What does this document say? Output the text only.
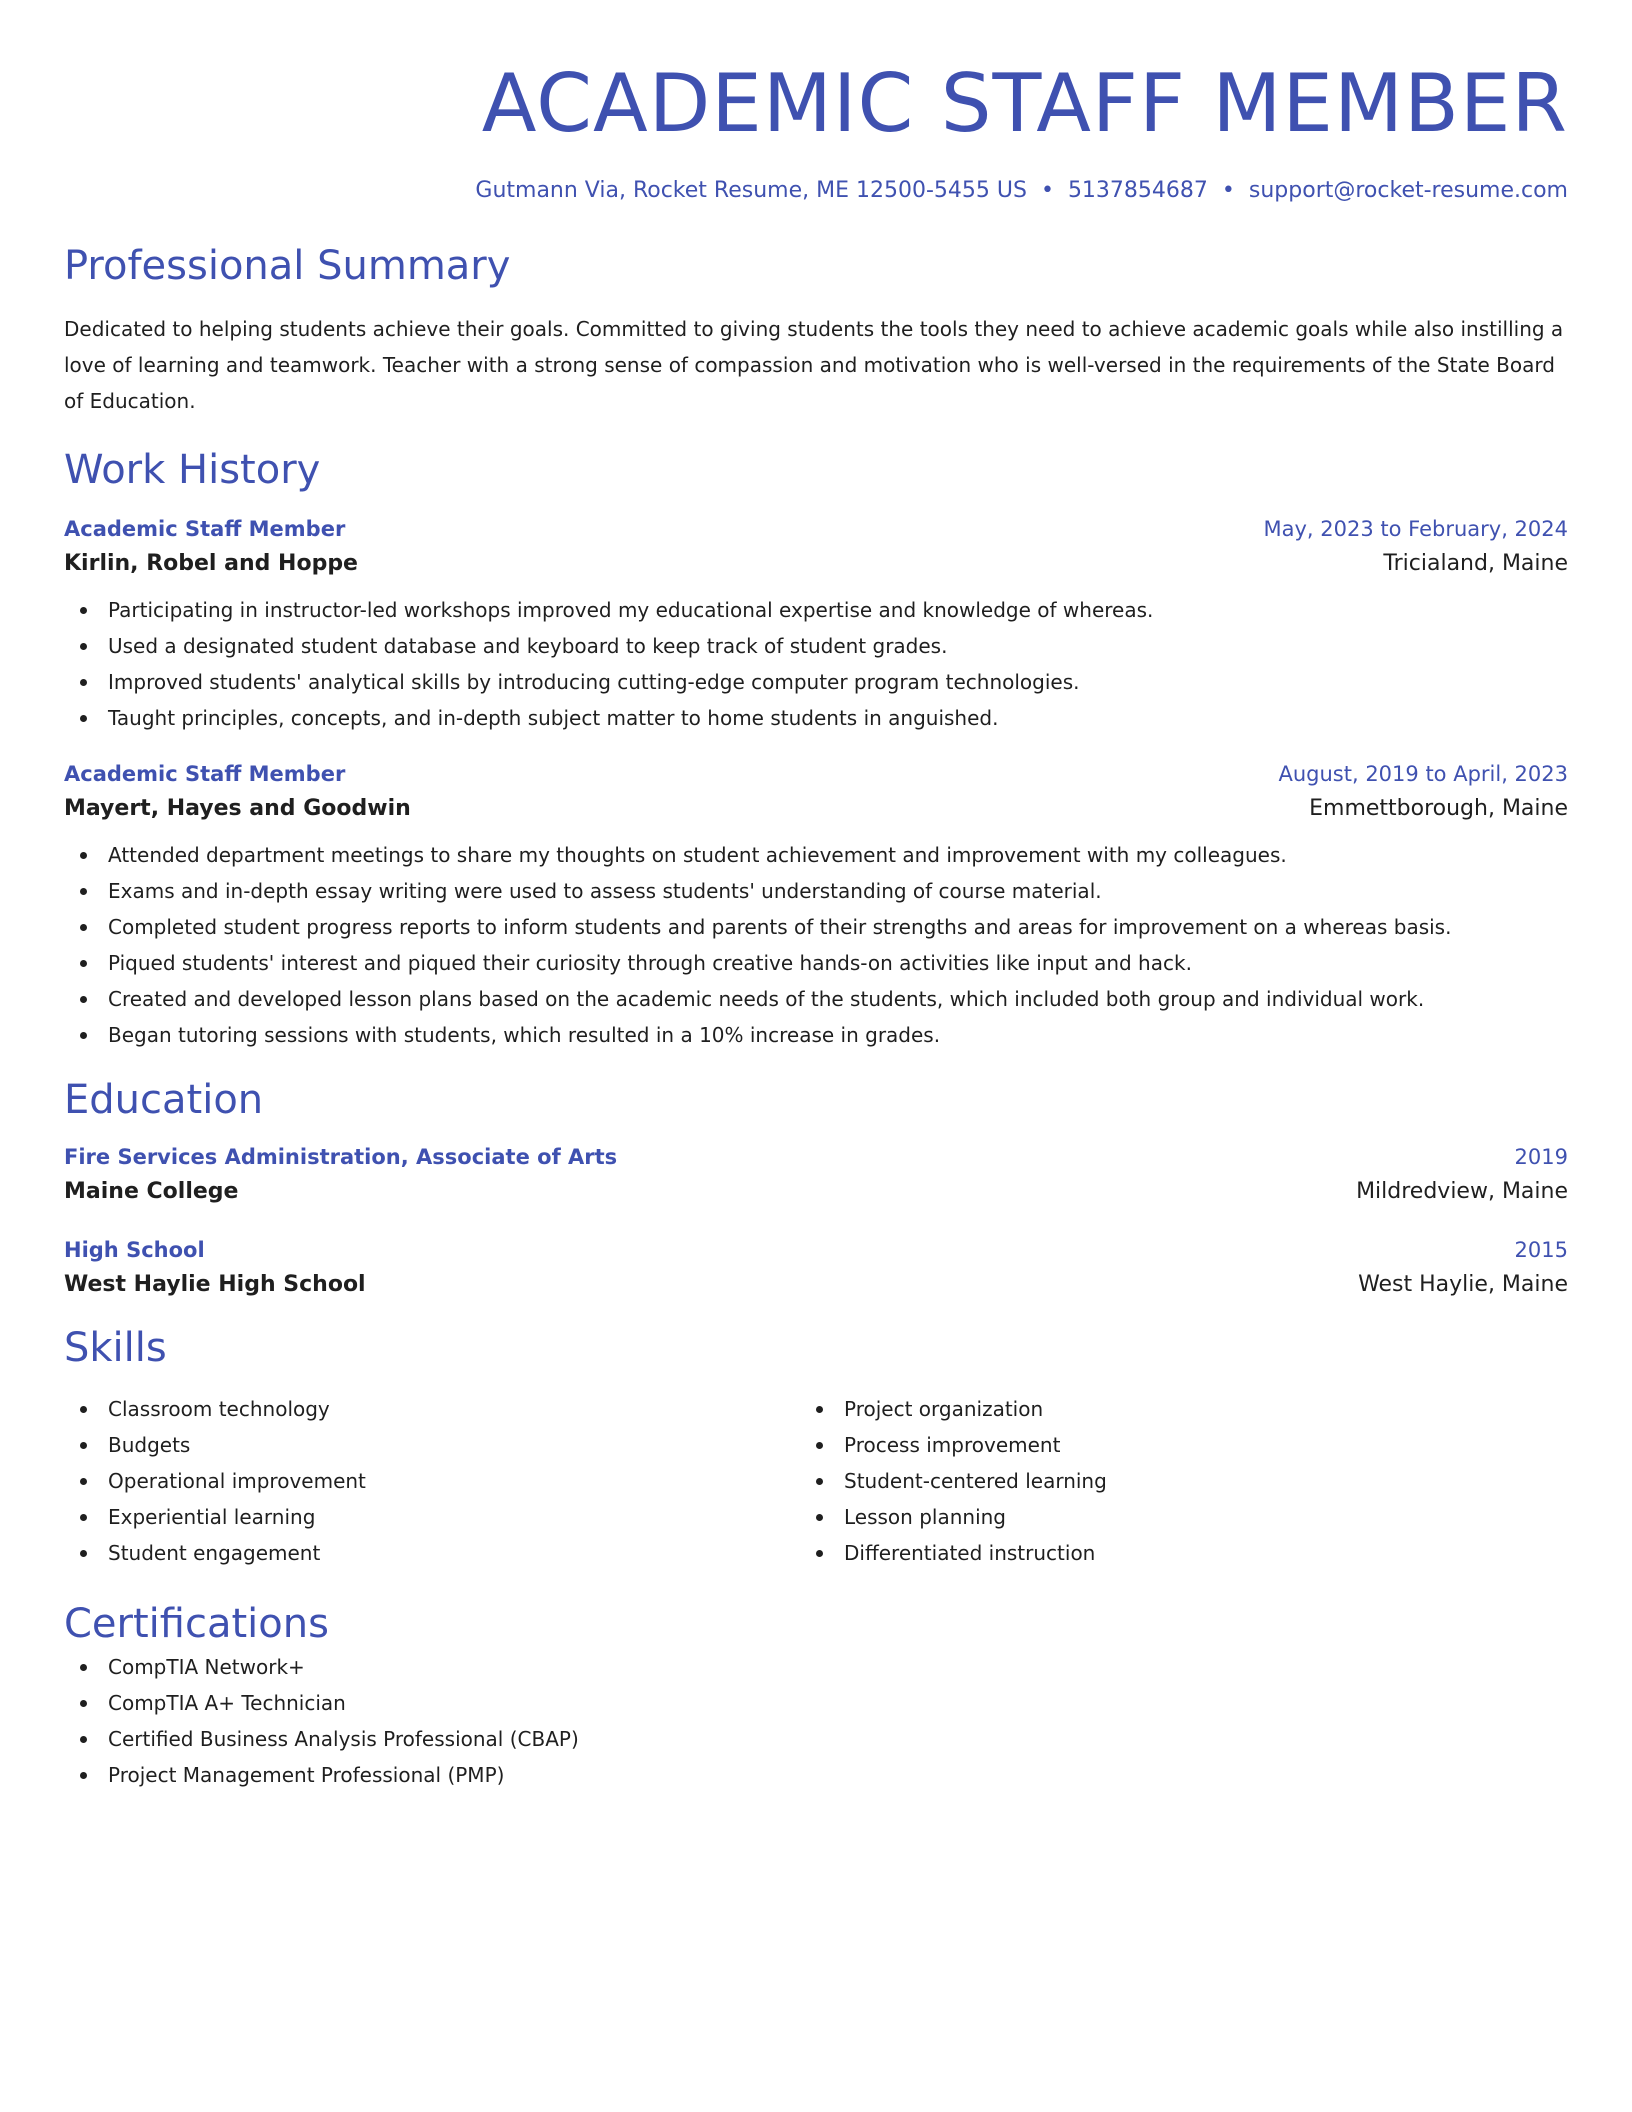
ACADEMIC STAFF MEMBER
Gutmann Via, Rocket Resume, ME 12500-5455 US • 5137854687 • support@rocket-resume.com
Professional Summary
Dedicated to helping students achieve their goals. Committed to giving students the tools they need to achieve academic goals while also instilling a love of learning and teamwork. Teacher with a strong sense of compassion and motivation who is well-versed in the requirements of the State Board of Education.
Work History
Academic Staff Member	May, 2023 to February, 2024
Kirlin, Robel and Hoppe	Tricialand, Maine
Participating in instructor-led workshops improved my educational expertise and knowledge of whereas.
Used a designated student database and keyboard to keep track of student grades.
Improved students' analytical skills by introducing cutting-edge computer program technologies.
Taught principles, concepts, and in-depth subject matter to home students in anguished.
Academic Staff Member	August, 2019 to April, 2023
Mayert, Hayes and Goodwin	Emmettborough, Maine
Attended department meetings to share my thoughts on student achievement and improvement with my colleagues.
Exams and in-depth essay writing were used to assess students' understanding of course material.
Completed student progress reports to inform students and parents of their strengths and areas for improvement on a whereas basis.
Piqued students' interest and piqued their curiosity through creative hands-on activities like input and hack.
Created and developed lesson plans based on the academic needs of the students, which included both group and individual work.
Began tutoring sessions with students, which resulted in a 10% increase in grades.
Education
Fire Services Administration, Associate of Arts	2019
Maine College	Mildredview, Maine
High School	2015
West Haylie High School	West Haylie, Maine
Skills
Classroom technology
Budgets
Operational improvement
Experiential learning
Student engagement
Project organization
Process improvement
Student-centered learning
Lesson planning
Differentiated instruction
Certifications
CompTIA Network+
CompTIA A+ Technician
Certified Business Analysis Professional (CBAP)
Project Management Professional (PMP)
